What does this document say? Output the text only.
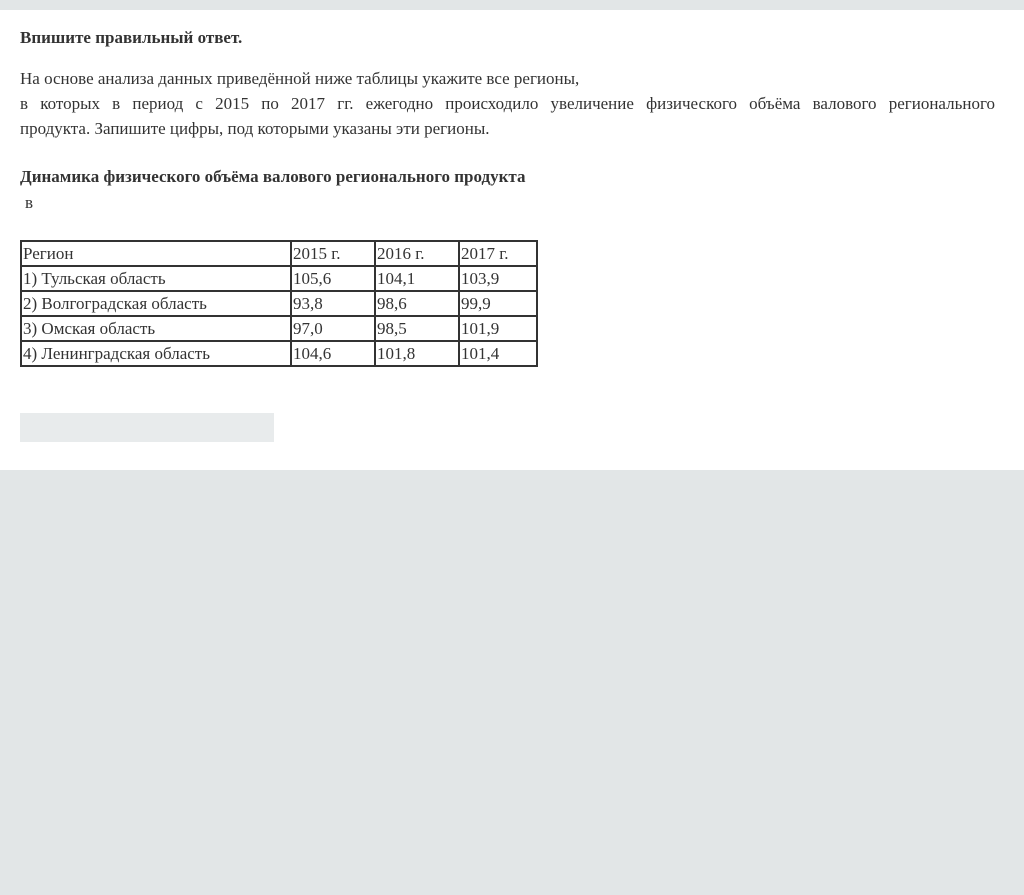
Впишите правильный ответ.

На основе анализа данных приведённой ниже таблицы укажите все регионы,
в которых в период с 2015 по 2017 гг. ежегодно происходило увеличение физического объёма валового регионального
продукта. Запишите цифры, под которыми указаны эти регионы.

Динамика физического объёма валового регионального продукта

в

Регион	2015 г.	2016 г.	2017 г.
1) Тульская область	105,6	104,1	103,9
2) Волгоградская область	93,8	98,6	99,9
3) Омская область	97,0	98,5	101,9
4) Ленинградская область	104,6	101,8	101,4
